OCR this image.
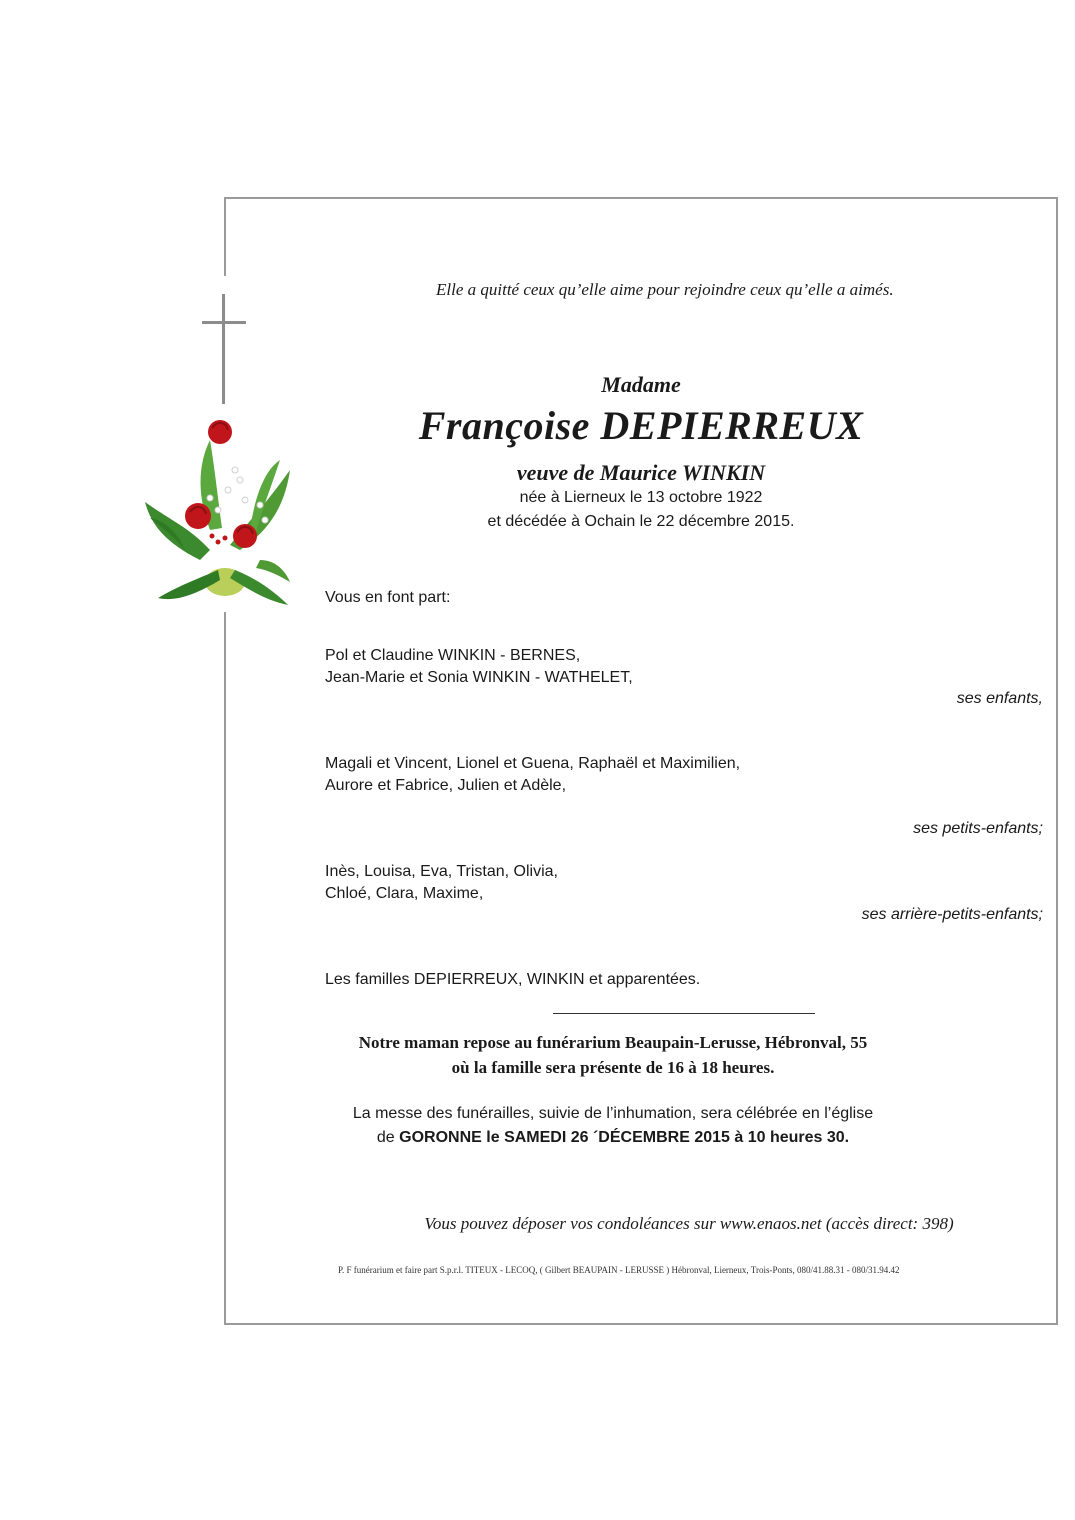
Elle a quitté ceux qu’elle aime pour rejoindre ceux qu’elle a aimés.
Madame
Françoise DEPIERREUX
veuve de Maurice WINKIN
née à Lierneux le 13 octobre 1922
et décédée à Ochain le 22 décembre 2015.
Vous en font part:
Pol et Claudine WINKIN - BERNES,
Jean-Marie et Sonia WINKIN - WATHELET,
ses enfants,
Magali et Vincent, Lionel et Guena, Raphaël et Maximilien,
Aurore et Fabrice, Julien et Adèle,
ses petits-enfants;
Inès, Louisa, Eva, Tristan, Olivia,
Chloé, Clara, Maxime,
ses arrière-petits-enfants;
Les familles DEPIERREUX, WINKIN et apparentées.
Notre maman repose au funérarium Beaupain-Lerusse, Hébronval, 55
où la famille sera présente de 16 à 18 heures.
La messe des funérailles, suivie de l’inhumation, sera célébrée en l’église
de GORONNE le SAMEDI 26 ´DÉCEMBRE 2015 à 10 heures 30.
Vous pouvez déposer vos condoléances sur www.enaos.net (accès direct: 398)
P. F funérarium et faire part S.p.r.l. TITEUX - LECOQ, ( Gilbert BEAUPAIN - LERUSSE ) Hébronval, Lierneux, Trois-Ponts, 080/41.88.31 - 080/31.94.42
